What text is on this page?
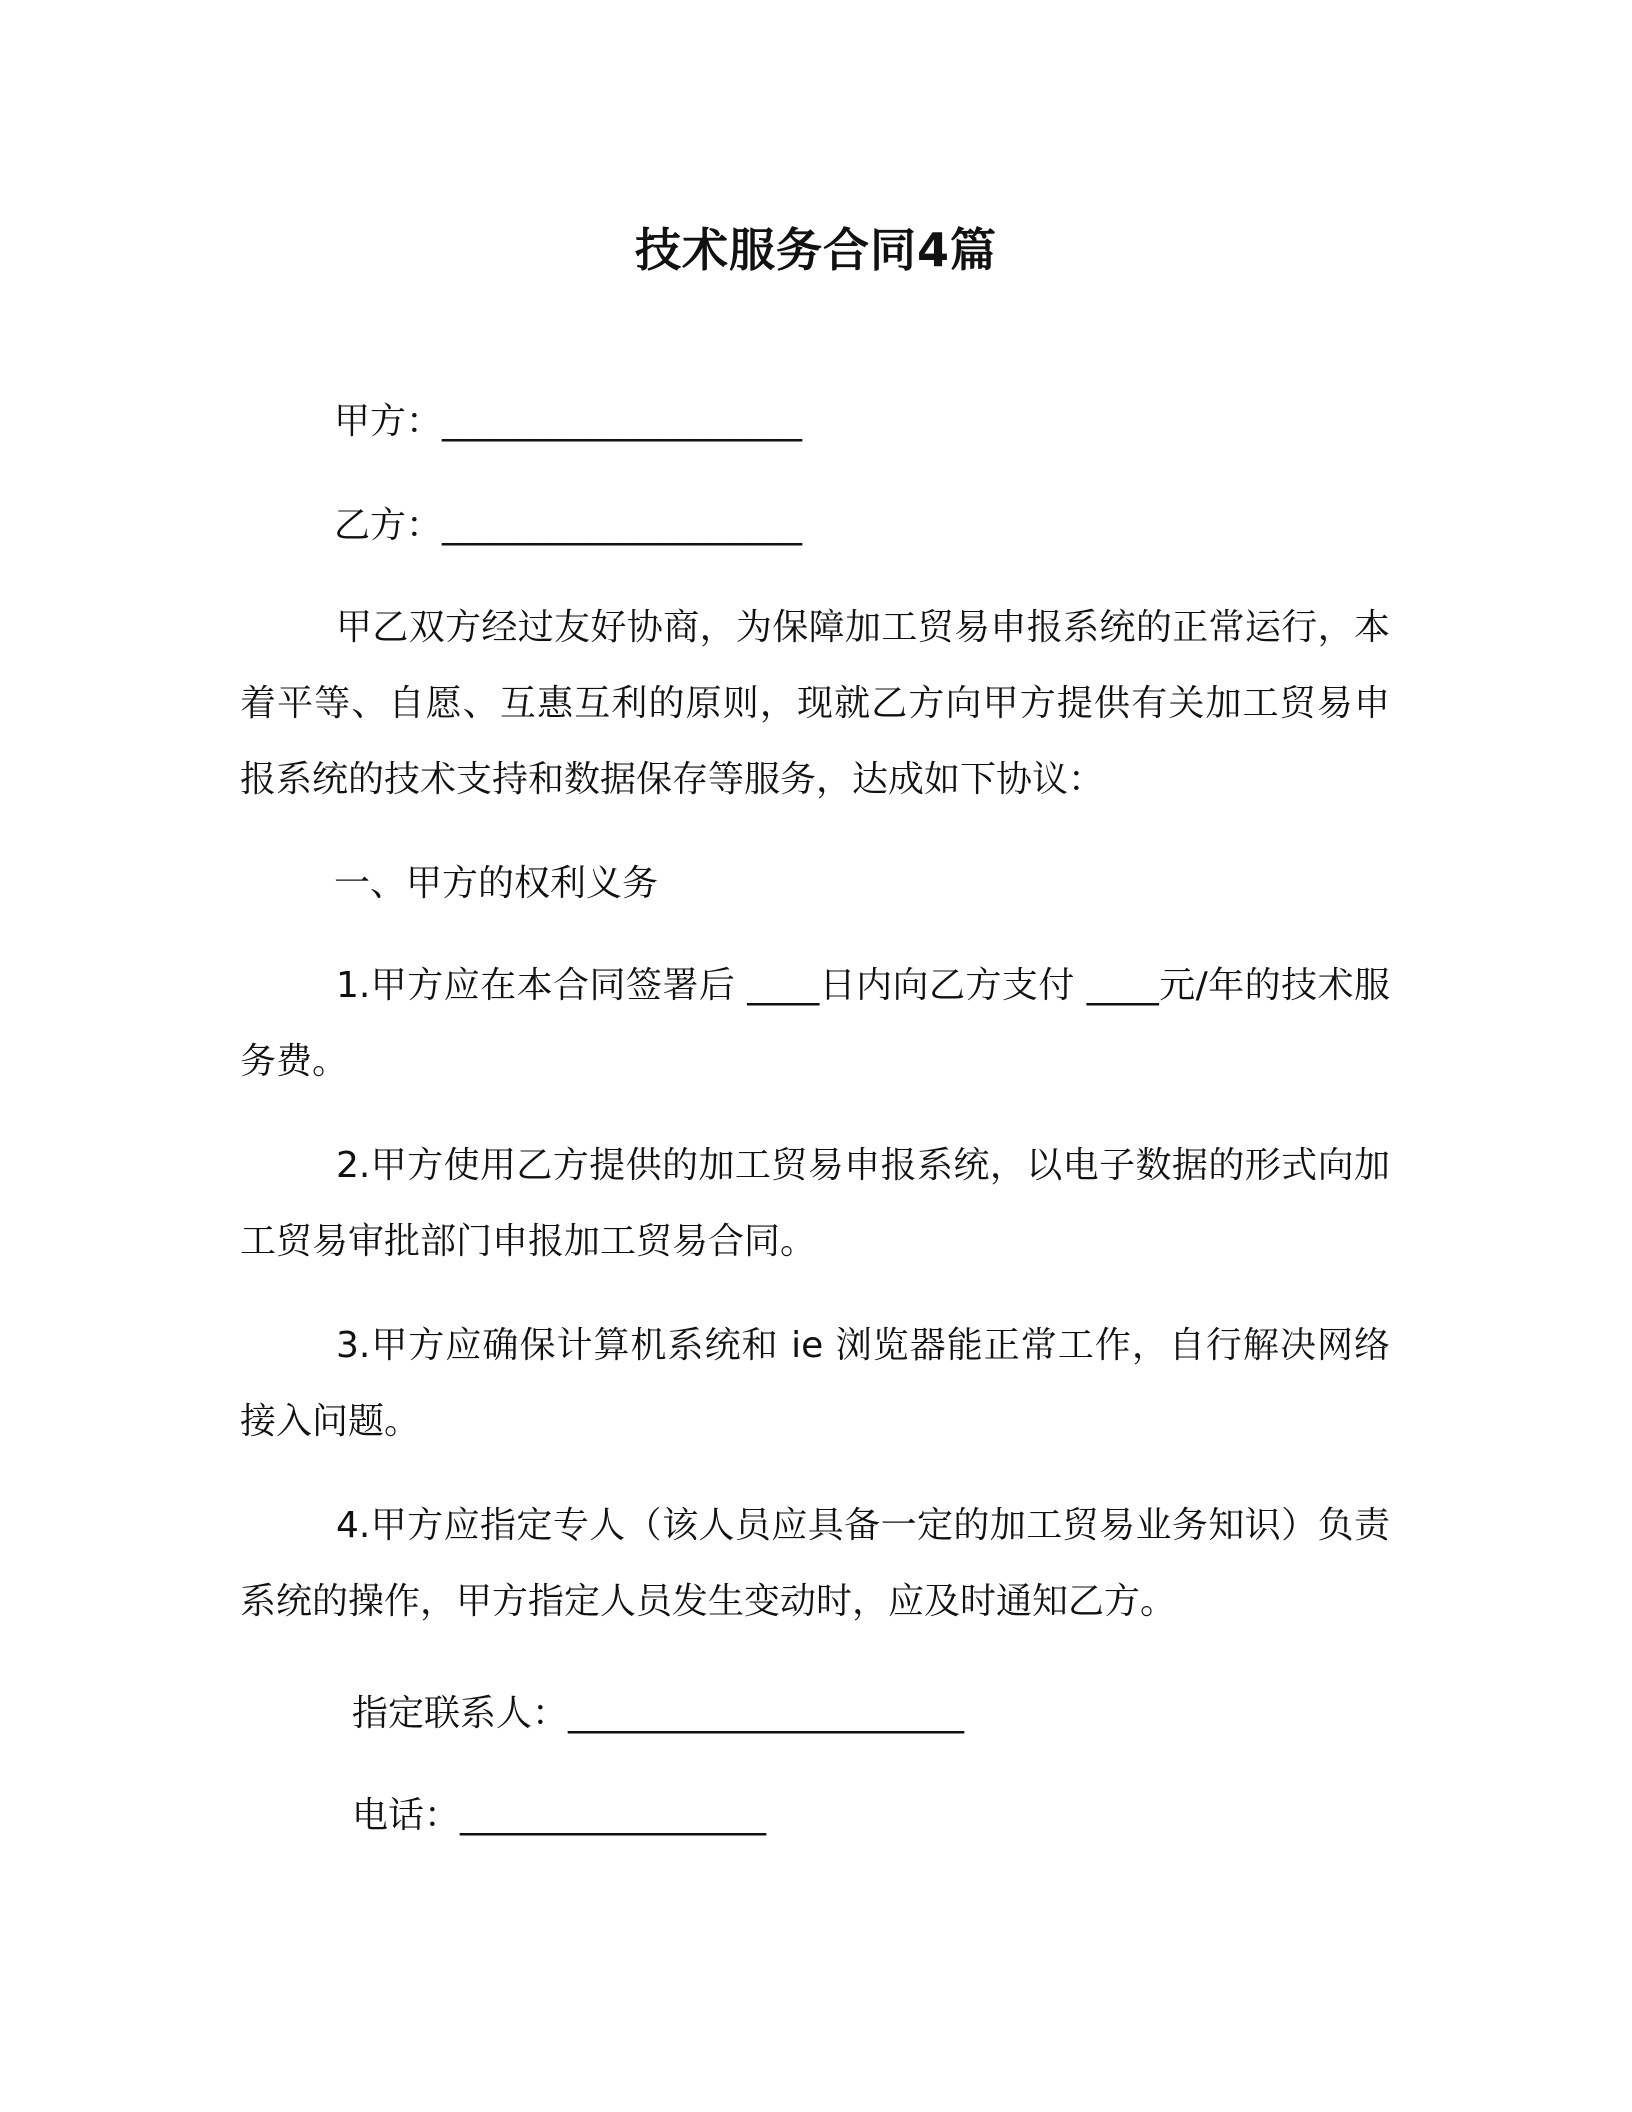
技术服务合同4篇
甲方：____________________
乙方：____________________
甲乙双方经过友好协商，为保障加工贸易申报系统的正常运行，本着平等、自愿、互惠互利的原则，现就乙方向甲方提供有关加工贸易申报系统的技术支持和数据保存等服务，达成如下协议：
一、甲方的权利义务
1.甲方应在本合同签署后 ____日内向乙方支付 ____元/年的技术服务费。
2.甲方使用乙方提供的加工贸易申报系统，以电子数据的形式向加工贸易审批部门申报加工贸易合同。
3.甲方应确保计算机系统和 ie 浏览器能正常工作，自行解决网络接入问题。
4.甲方应指定专人（该人员应具备一定的加工贸易业务知识）负责系统的操作，甲方指定人员发生变动时，应及时通知乙方。
指定联系人：______________________
电话：_________________
